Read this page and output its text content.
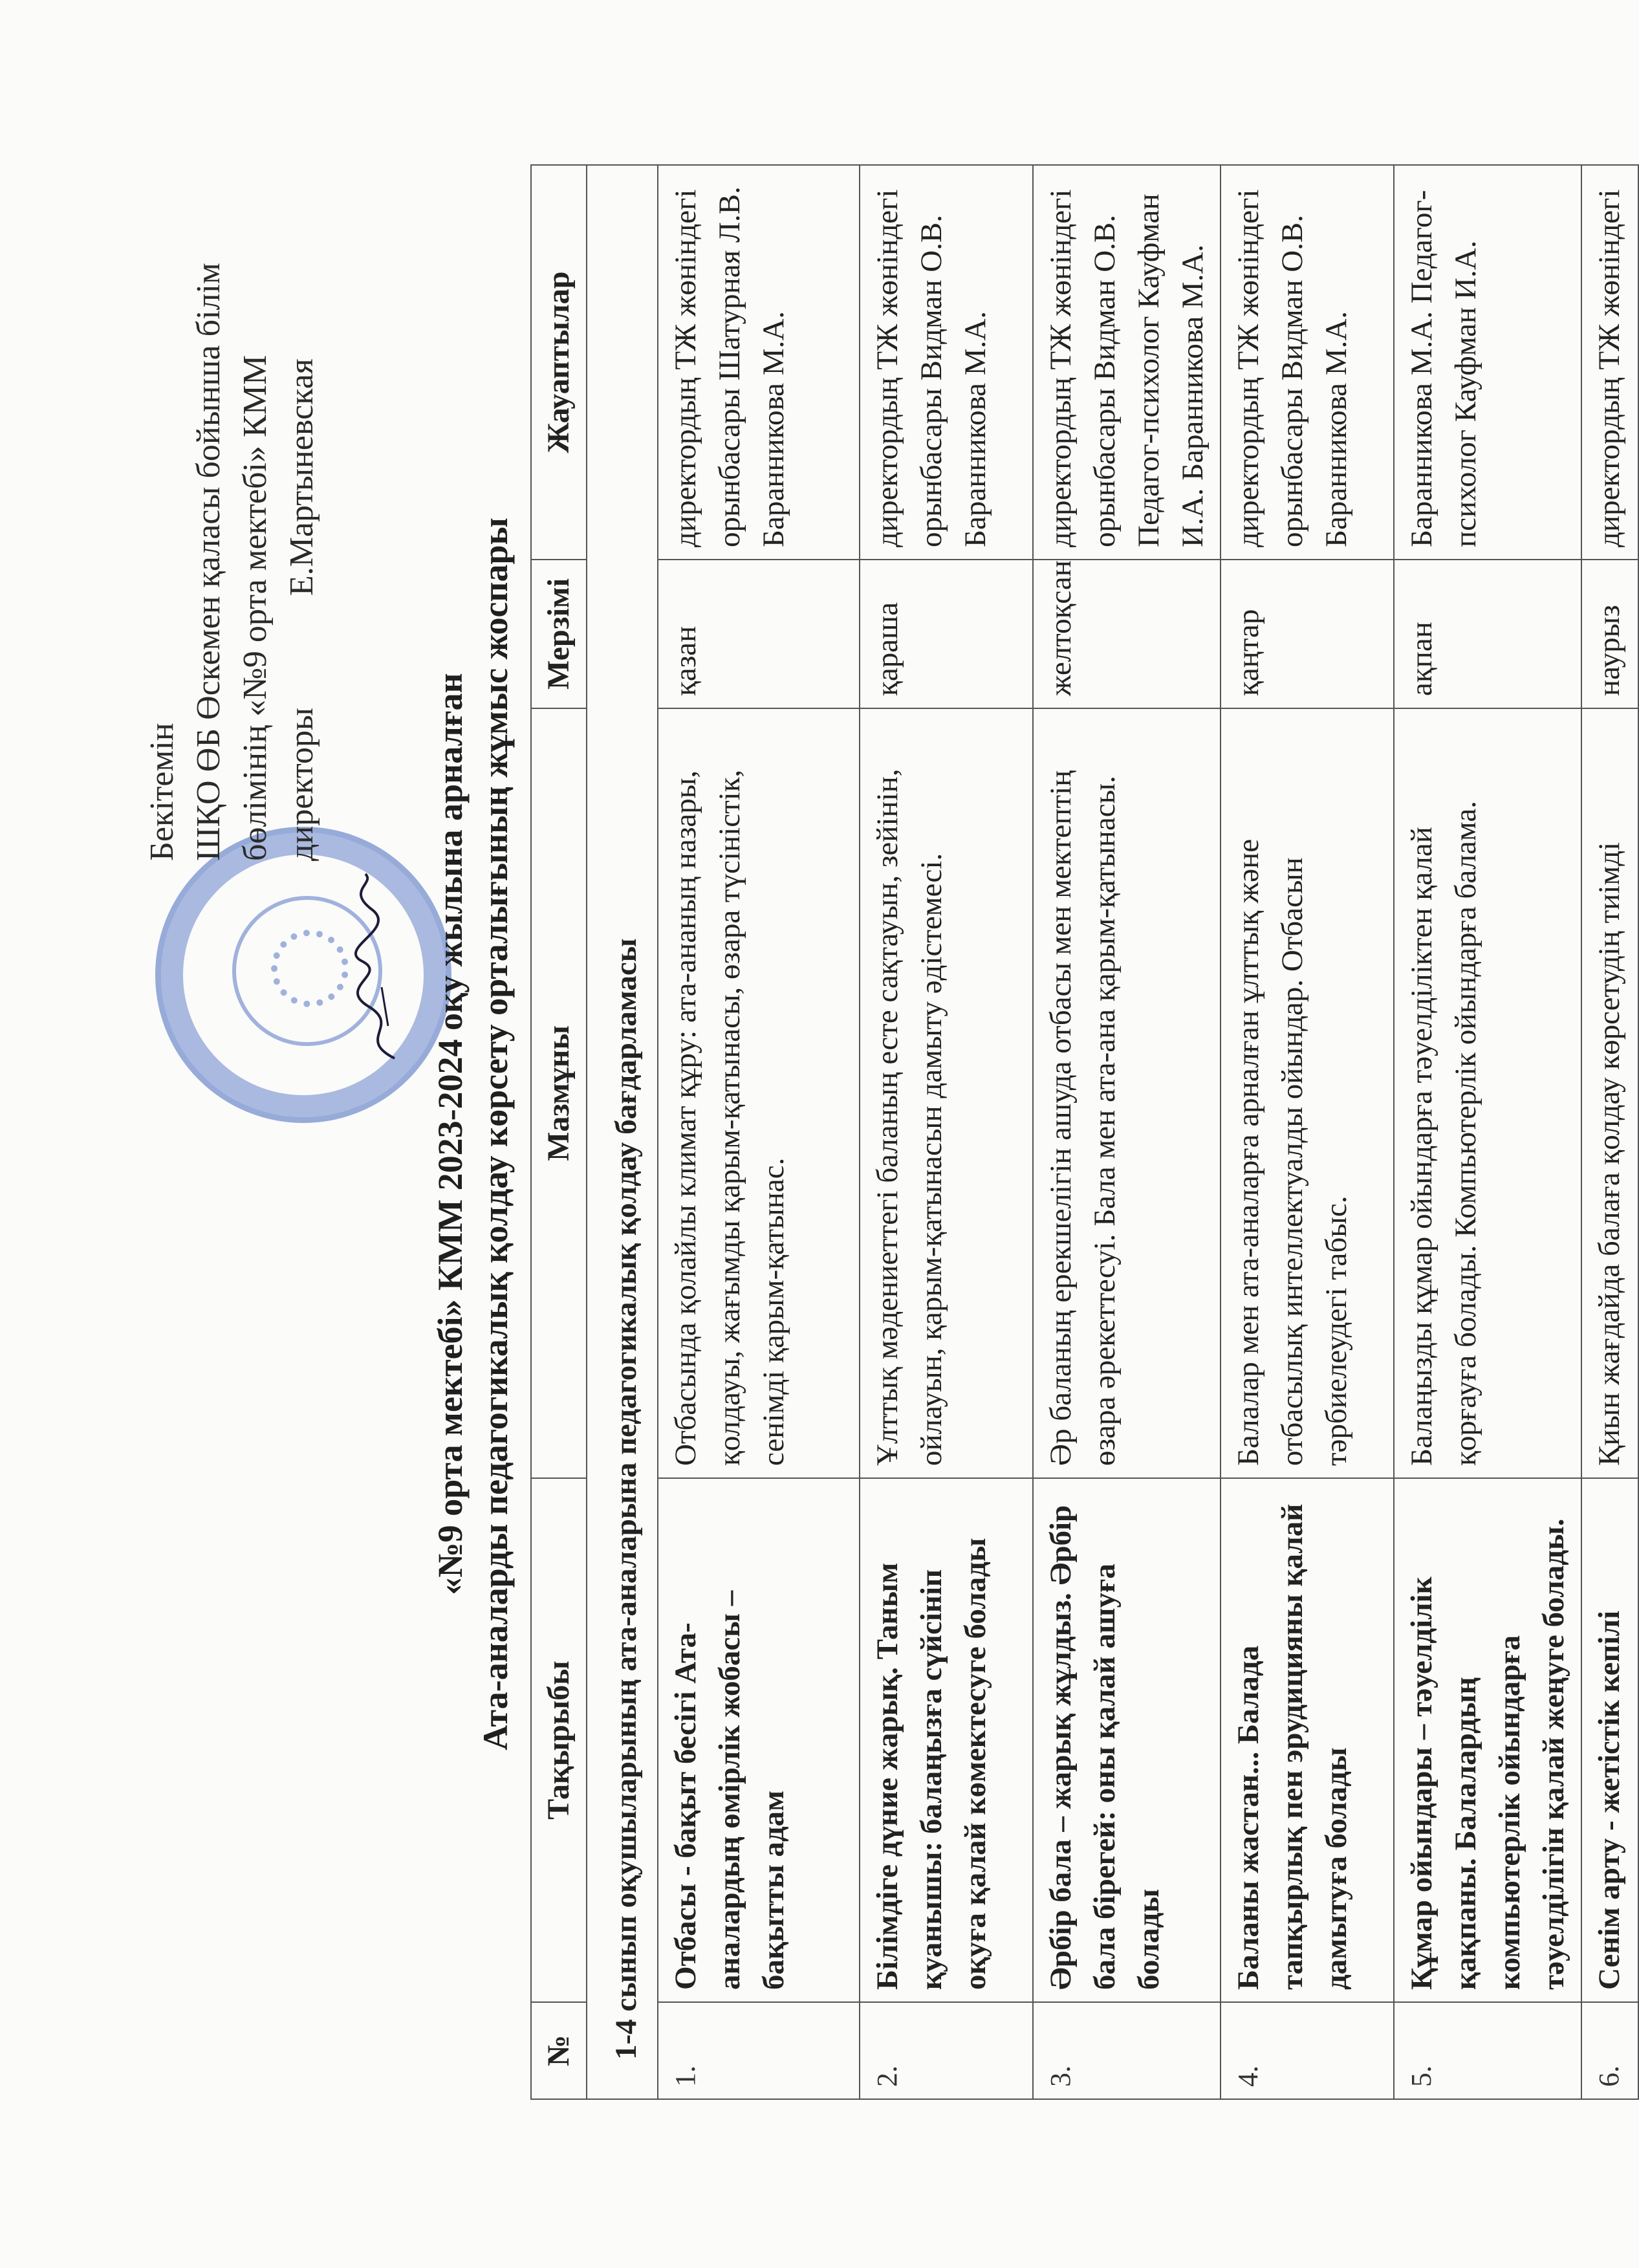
Бекітемін ШҚО ӨБ Өскемен қаласы бойынша білім бөлімінің «№9 орта мектебі» КММ директоры Е.Мартыневская
«№9 орта мектебі» КММ 2023-2024 оқу жылына арналған Ата-аналарды педагогикалық қолдау көрсету орталығының жұмыс жоспары
№	Тақырыбы	Мазмұны	Мерзімі	Жауаптылар
1-4 сынып оқушыларының ата-аналарына педагогикалық қолдау бағдарламасы				
1.	Отбасы - бақыт бесігі Ата-аналардың өмірлік жобасы – бақытты адам	Отбасында қолайлы климат құру: ата-ананың назары, қолдауы, жағымды қарым-қатынасы, өзара түсіністік, сенімді қарым-қатынас.	қазан	директордың ТЖ жөніндегі орынбасары Шатурная Л.В. Баранникова М.А.
2.	Білімдіге дүние жарық. Таным қуанышы: балаңызға сүйсініп оқуға қалай көмектесуге болады	Ұлттық мәдениеттегі баланың есте сақтауын, зейінін, ойлауын, қарым-қатынасын дамыту әдістемесі.	қараша	директордың ТЖ жөніндегі орынбасары Видман О.В. Баранникова М.А.
3.	Әрбір бала – жарық жұлдыз. Әрбір бала бірегей: оны қалай ашуға болады	Әр баланың ерекшелігін ашуда отбасы мен мектептің өзара әрекеттесуі. Бала мен ата-ана қарым-қатынасы.	желтоқсан	директордың ТЖ жөніндегі орынбасары Видман О.В. Педагог-психолог Кауфман И.А. Баранникова М.А.
4.	Баланы жастан... Балада тапқырлық пен эрудицияны қалай дамытуға болады	Балалар мен ата-аналарға арналған ұлттық және отбасылық интеллектуалды ойындар. Отбасын тәрбиелеудегі табыс.	қаңтар	директордың ТЖ жөніндегі орынбасары Видман О.В. Баранникова М.А.
5.	Құмар ойындары – тәуелділік қақпаны. Балалардың компьютерлік ойындарға тәуелділігін қалай жеңуге болады.	Балаңызды құмар ойындарға тәуелділіктен қалай қорғауға болады. Компьютерлік ойындарға балама.	ақпан	Баранникова М.А. Педагог-психолог Кауфман И.А.
6.	Сенім арту - жетістік кепілі	Қиын жағдайда балаға қолдау көрсетудің тиімді	наурыз	директордың ТЖ жөніндегі
